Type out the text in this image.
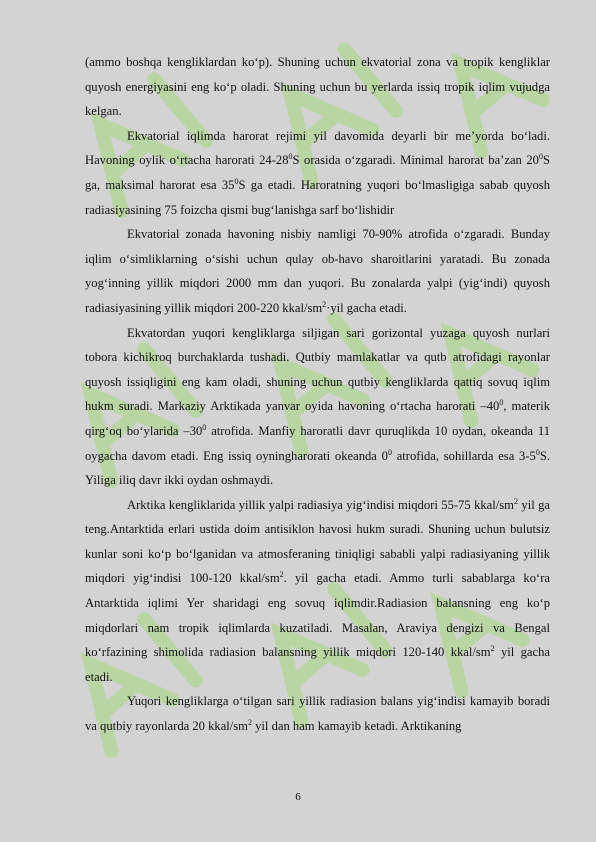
(ammo boshqa kengliklardan ko‘p). Shuning uchun ekvatorial zona va tropik kengliklar quyosh energiyasini eng ko‘p oladi. Shuning uchun bu yerlarda issiq tropik iqlim vujudga kelgan.

Ekvatorial iqlimda harorat rejimi yil davomida deyarli bir me’yorda bo‘ladi. Havoning oylik o‘rtacha harorati $24-28^0S$ orasida o‘zgaradi. Minimal harorat ba’zan $20^0S$ ga, maksimal harorat esa $35^0S$ ga etadi. Haroratning yuqori bo‘lmasligiga sabab quyosh radiasiyasining 75 foizcha qismi bug‘lanishga sarf bo‘lishidir

Ekvatorial zonada havoning nisbiy namligi 70-90% atrofida o‘zgaradi. Bunday iqlim o‘simliklarning o‘sishi uchun qulay ob-havo sharoitlarini yaratadi. Bu zonada yog‘inning yillik miqdori 2000 mm dan yuqori. Bu zonalarda yalpi (yig‘indi) quyosh radiasiyasining yillik miqdori 200-220 kkal/$sm^2\cdot yil$ gacha etadi.

Ekvatordan yuqori kengliklarga siljigan sari gorizontal yuzaga quyosh nurlari tobora kichikroq burchaklarda tushadi. Qutbiy mamlakatlar va qutb atrofidagi rayonlar quyosh issiqligini eng kam oladi, shuning uchun qutbiy kengliklarda qattiq sovuq iqlim hukm suradi. Markaziy Arktikada yanvar oyida havoning o‘rtacha harorati $-40^0$, materik qirg‘oq bo‘ylarida $-30^0$ atrofida. Manfiy haroratli davr quruqlikda 10 oydan, okeanda 11 oygacha davom etadi. Eng issiq oyningharorati okeanda $0^0$ atrofida, sohillarda esa $3-5^0S$. Yiliga iliq davr ikki oydan oshmaydi.

Arktika kengliklarida yillik yalpi radiasiya yig‘indisi miqdori 55-75 kkal/$sm^2$ yil ga teng.Antarktida erlari ustida doim antisiklon havosi hukm suradi. Shuning uchun bulutsiz kunlar soni ko‘p bo‘lganidan va atmosferaning tiniqligi sababli yalpi radiasiyaning yillik miqdori yig‘indisi 100-120 kkal/$sm^2$. yil gacha etadi. Ammo turli sabablarga ko‘ra Antarktida iqlimi Yer sharidagi eng sovuq iqlimdir.Radiasion balansning eng ko‘p miqdorlari nam tropik iqlimlarda kuzatiladi. Masalan, Araviya dengizi va Bengal ko‘rfazining shimolida radiasion balansning yillik miqdori 120-140 kkal/$sm^2$ yil gacha etadi.

Yuqori kengliklarga o‘tilgan sari yillik radiasion balans yig‘indisi kamayib boradi va qutbiy rayonlarda 20 kkal/$sm^2$ yil dan ham kamayib ketadi. Arktikaning

6
